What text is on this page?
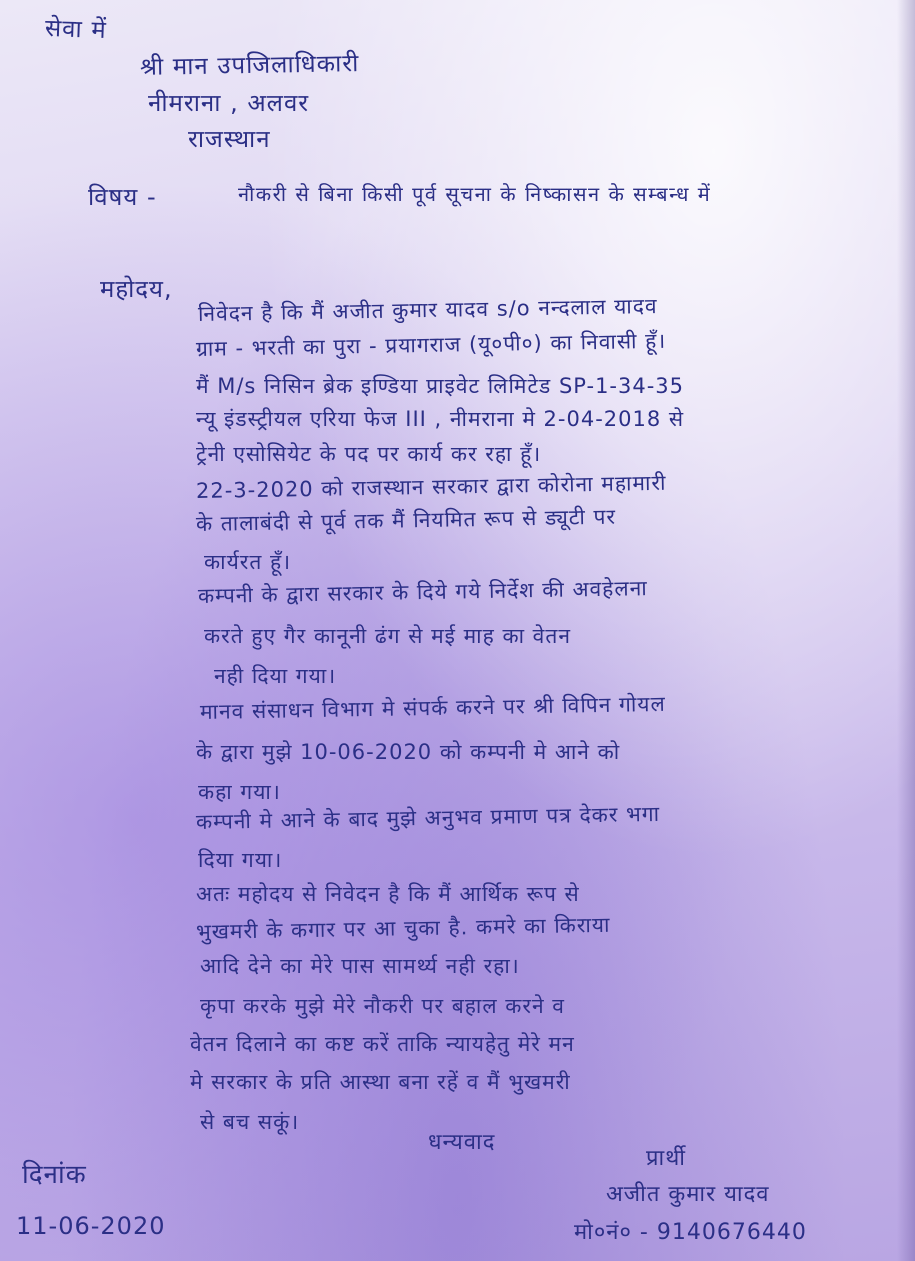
सेवा में
श्री मान उपजिलाधिकारी
नीमराना , अलवर
राजस्थान
विषय -	नौकरी से बिना किसी पूर्व सूचना के निष्कासन के सम्बन्ध में
महोदय,
निवेदन है कि मैं अजीत कुमार यादव s/o नन्दलाल यादव
ग्राम - भरती का पुरा - प्रयागराज (यू०पी०) का निवासी हूँ।
मैं M/s निसिन ब्रेक इण्डिया प्राइवेट लिमिटेड SP-1-34-35
न्यू इंडस्ट्रीयल एरिया फेज III , नीमराना मे 2-04-2018 से
ट्रेनी एसोसियेट के पद पर कार्य कर रहा हूँ।
22-3-2020 को राजस्थान सरकार द्वारा कोरोना महामारी
के तालाबंदी से पूर्व तक मैं नियमित रूप से ड्यूटी पर
कार्यरत हूँ।
कम्पनी के द्वारा सरकार के दिये गये निर्देश की अवहेलना
करते हुए गैर कानूनी ढंग से मई माह का वेतन
नही दिया गया।
मानव संसाधन विभाग मे संपर्क करने पर श्री विपिन गोयल
के द्वारा मुझे 10-06-2020 को कम्पनी मे आने को
कहा गया।
कम्पनी मे आने के बाद मुझे अनुभव प्रमाण पत्र देकर भगा
दिया गया।
अतः महोदय से निवेदन है कि मैं आर्थिक रूप से
भुखमरी के कगार पर आ चुका है. कमरे का किराया
आदि देने का मेरे पास सामर्थ्य नही रहा।
कृपा करके मुझे मेरे नौकरी पर बहाल करने व
वेतन दिलाने का कष्ट करें ताकि न्यायहेतु मेरे मन
मे सरकार के प्रति आस्था बना रहें व मैं भुखमरी
से बच सकूं।
धन्यवाद
दिनांक
11-06-2020
प्रार्थी
अजीत कुमार यादव
मो०नं० - 9140676440
